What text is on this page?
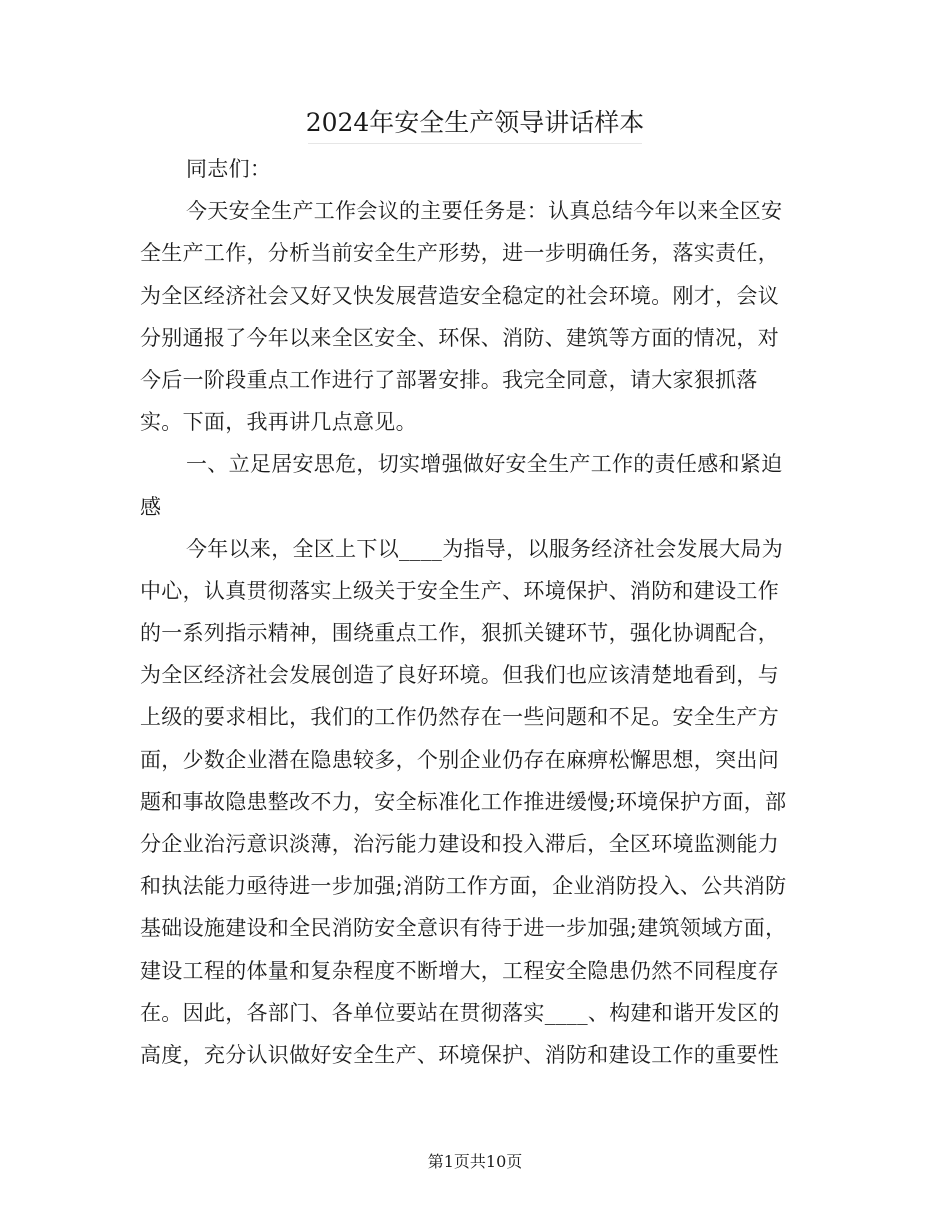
2024年安全生产领导讲话样本
同志们：
今天安全生产工作会议的主要任务是：认真总结今年以来全区安
全生产工作，分析当前安全生产形势，进一步明确任务，落实责任，
为全区经济社会又好又快发展营造安全稳定的社会环境。刚才，会议
分别通报了今年以来全区安全、环保、消防、建筑等方面的情况，对
今后一阶段重点工作进行了部署安排。我完全同意，请大家狠抓落
实。下面，我再讲几点意见。
一、立足居安思危，切实增强做好安全生产工作的责任感和紧迫
感
今年以来，全区上下以____为指导，以服务经济社会发展大局为
中心，认真贯彻落实上级关于安全生产、环境保护、消防和建设工作
的一系列指示精神，围绕重点工作，狠抓关键环节，强化协调配合，
为全区经济社会发展创造了良好环境。但我们也应该清楚地看到，与
上级的要求相比，我们的工作仍然存在一些问题和不足。安全生产方
面，少数企业潜在隐患较多，个别企业仍存在麻痹松懈思想，突出问
题和事故隐患整改不力，安全标准化工作推进缓慢;环境保护方面，部
分企业治污意识淡薄，治污能力建设和投入滞后，全区环境监测能力
和执法能力亟待进一步加强;消防工作方面，企业消防投入、公共消防
基础设施建设和全民消防安全意识有待于进一步加强;建筑领域方面，
建设工程的体量和复杂程度不断增大，工程安全隐患仍然不同程度存
在。因此，各部门、各单位要站在贯彻落实____、构建和谐开发区的
高度，充分认识做好安全生产、环境保护、消防和建设工作的重要性
第1页共10页
